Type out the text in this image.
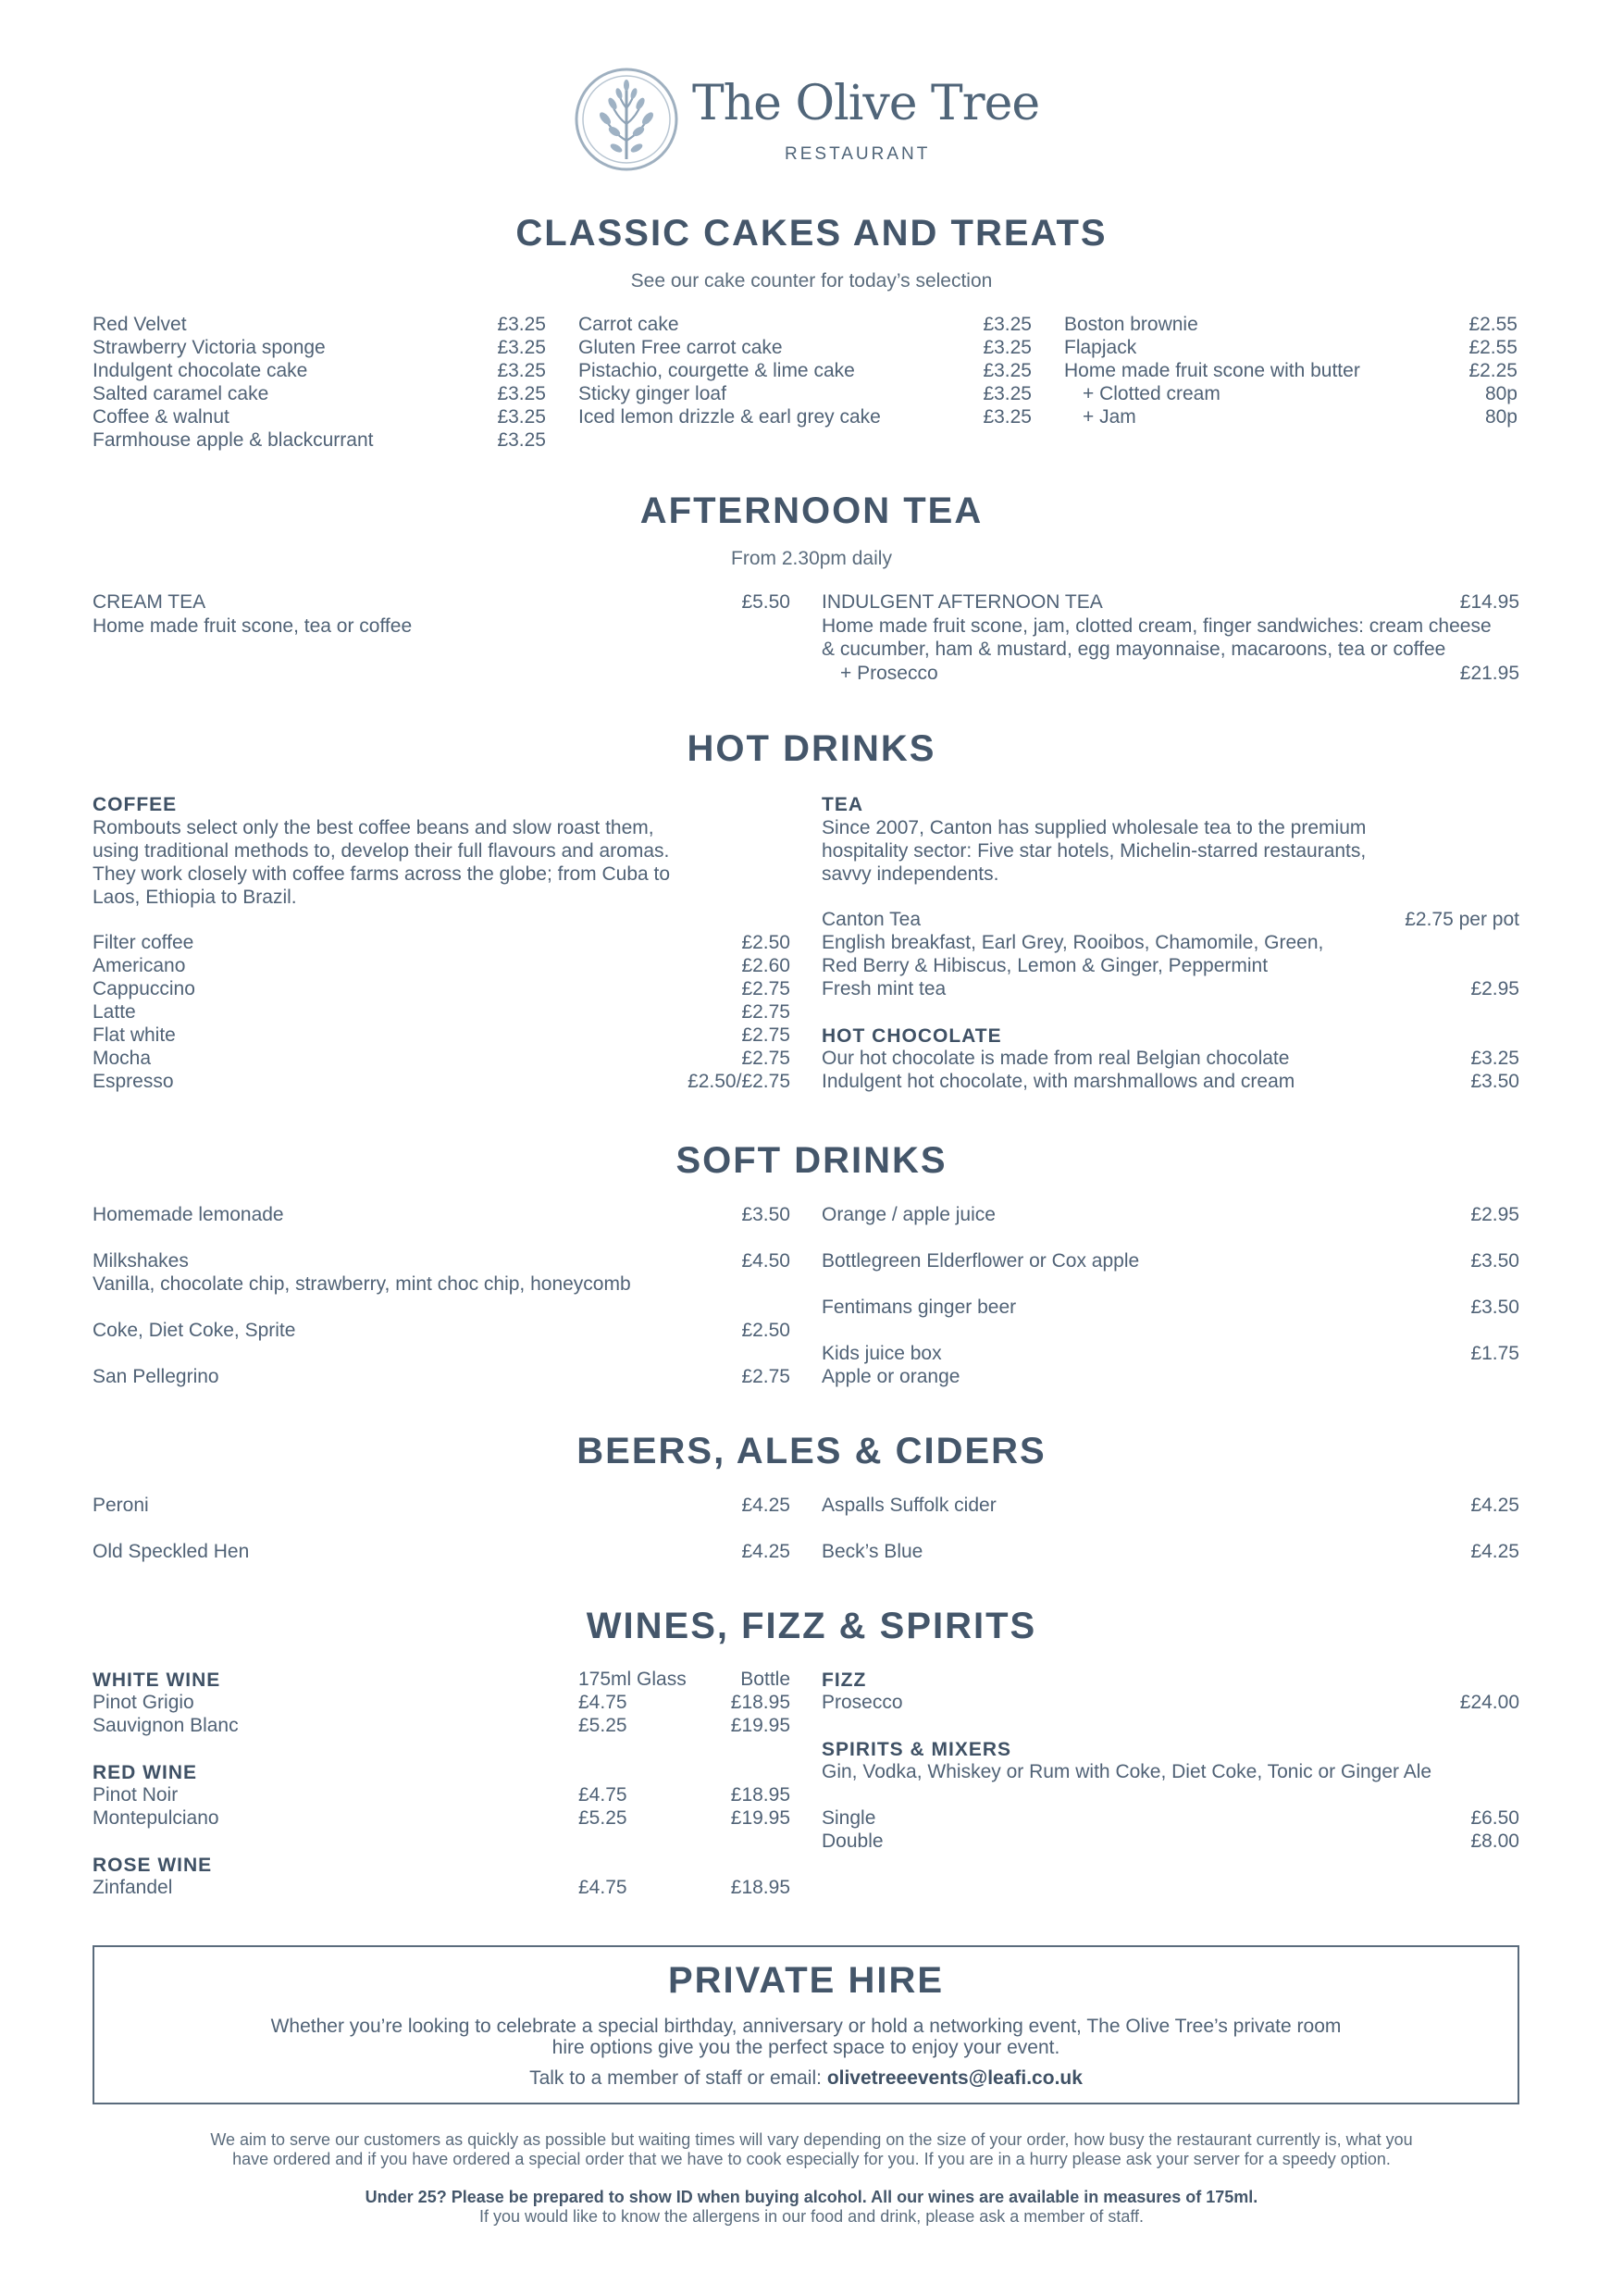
The Olive Tree
RESTAURANT
CLASSIC CAKES AND TREATS
See our cake counter for today’s selection
Red Velvet	£3.25
Strawberry Victoria sponge	£3.25
Indulgent chocolate cake	£3.25
Salted caramel cake	£3.25
Coffee & walnut	£3.25
Farmhouse apple & blackcurrant	£3.25
Carrot cake	£3.25
Gluten Free carrot cake	£3.25
Pistachio, courgette & lime cake	£3.25
Sticky ginger loaf	£3.25
Iced lemon drizzle & earl grey cake	£3.25
Boston brownie	£2.55
Flapjack	£2.55
Home made fruit scone with butter	£2.25
+ Clotted cream	80p
+ Jam	80p
AFTERNOON TEA
From 2.30pm daily
CREAM TEA	£5.50
Home made fruit scone, tea or coffee
INDULGENT AFTERNOON TEA	£14.95
Home made fruit scone, jam, clotted cream, finger sandwiches: cream cheese
& cucumber, ham & mustard, egg mayonnaise, macaroons, tea or coffee
+ Prosecco	£21.95
HOT DRINKS
COFFEE
Rombouts select only the best coffee beans and slow roast them,
using traditional methods to, develop their full flavours and aromas.
They work closely with coffee farms across the globe; from Cuba to
Laos, Ethiopia to Brazil.
Filter coffee	£2.50
Americano	£2.60
Cappuccino	£2.75
Latte	£2.75
Flat white	£2.75
Mocha	£2.75
Espresso	£2.50/£2.75
TEA
Since 2007, Canton has supplied wholesale tea to the premium
hospitality sector: Five star hotels, Michelin-starred restaurants,
savvy independents.
Canton Tea	£2.75 per pot
English breakfast, Earl Grey, Rooibos, Chamomile, Green,
Red Berry & Hibiscus, Lemon & Ginger, Peppermint
Fresh mint tea	£2.95
HOT CHOCOLATE
Our hot chocolate is made from real Belgian chocolate	£3.25
Indulgent hot chocolate, with marshmallows and cream	£3.50
SOFT DRINKS
Homemade lemonade	£3.50
Milkshakes	£4.50
Vanilla, chocolate chip, strawberry, mint choc chip, honeycomb
Coke, Diet Coke, Sprite	£2.50
San Pellegrino	£2.75
Orange / apple juice	£2.95
Bottlegreen Elderflower or Cox apple	£3.50
Fentimans ginger beer	£3.50
Kids juice box	£1.75
Apple or orange
BEERS, ALES & CIDERS
Peroni	£4.25
Old Speckled Hen	£4.25
Aspalls Suffolk cider	£4.25
Beck’s Blue	£4.25
WINES, FIZZ & SPIRITS
WHITE WINE	175ml Glass	Bottle
Pinot Grigio	£4.75	£18.95
Sauvignon Blanc	£5.25	£19.95
RED WINE
Pinot Noir	£4.75	£18.95
Montepulciano	£5.25	£19.95
ROSE WINE
Zinfandel	£4.75	£18.95
FIZZ
Prosecco	£24.00
SPIRITS & MIXERS
Gin, Vodka, Whiskey or Rum with Coke, Diet Coke, Tonic or Ginger Ale
Single	£6.50
Double	£8.00
PRIVATE HIRE
Whether you’re looking to celebrate a special birthday, anniversary or hold a networking event, The Olive Tree’s private room
hire options give you the perfect space to enjoy your event.
Talk to a member of staff or email: olivetreeevents@leafi.co.uk
We aim to serve our customers as quickly as possible but waiting times will vary depending on the size of your order, how busy the restaurant currently is, what you
have ordered and if you have ordered a special order that we have to cook especially for you. If you are in a hurry please ask your server for a speedy option.
Under 25? Please be prepared to show ID when buying alcohol. All our wines are available in measures of 175ml.
If you would like to know the allergens in our food and drink, please ask a member of staff.
